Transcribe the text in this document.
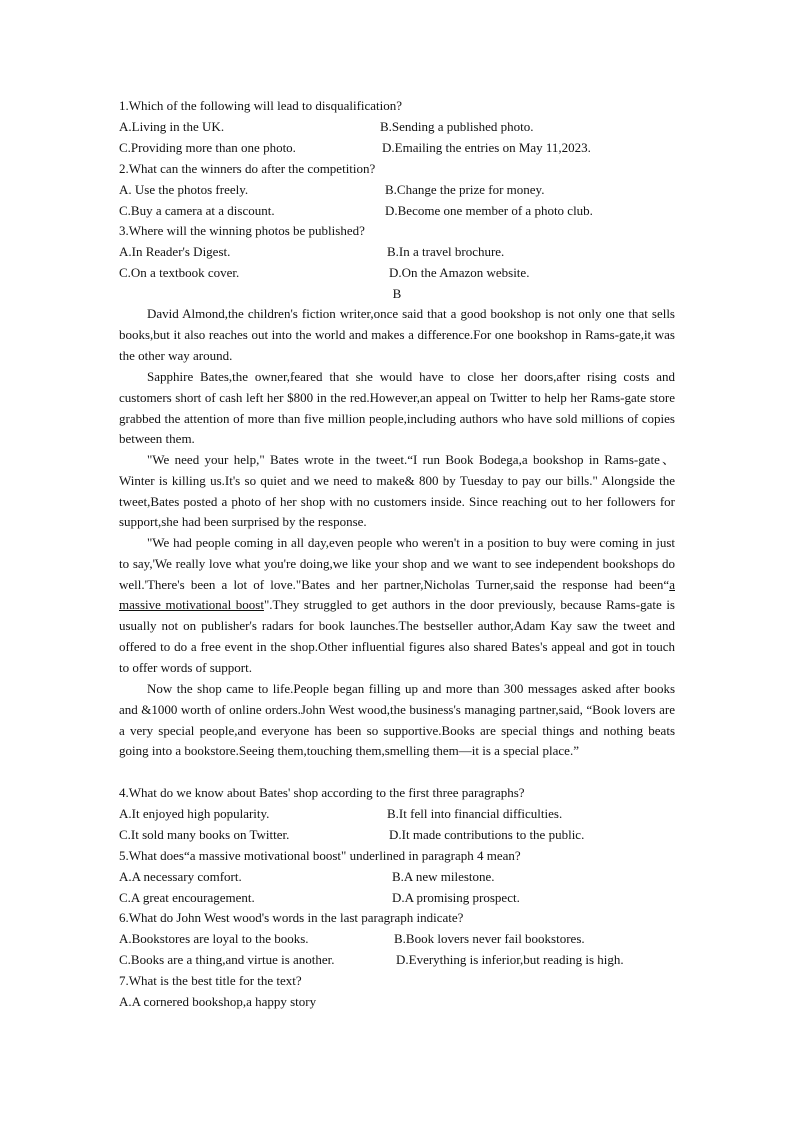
1.Which of the following will lead to disqualification?
A.Living in the UK.	B.Sending a published photo.
C.Providing more than one photo.	D.Emailing the entries on May 11,2023.
2.What can the winners do after the competition?
A. Use the photos freely.	B.Change the prize for money.
C.Buy a camera at a discount.	D.Become one member of a photo club.
3.Where will the winning photos be published?
A.In Reader's Digest.	B.In a travel brochure.
C.On a textbook cover.	D.On the Amazon website.
B
David Almond,the children's fiction writer,once said that a good bookshop is not only one that sells books,but it also reaches out into the world and makes a difference.For one bookshop in Rams-gate,it was the other way around.
Sapphire Bates,the owner,feared that she would have to close her doors,after rising costs and customers short of cash left her $800 in the red.However,an appeal on Twitter to help her Rams-gate store grabbed the attention of more than five million people,including authors who have sold millions of copies between them.
"We need your help," Bates wrote in the tweet.“I run Book Bodega,a bookshop in Rams-gate、Winter is killing us.It's so quiet and we need to make& 800 by Tuesday to pay our bills." Alongside the tweet,Bates posted a photo of her shop with no customers inside. Since reaching out to her followers for support,she had been surprised by the response.
"We had people coming in all day,even people who weren't in a position to buy were coming in just to say,'We really love what you're doing,we like your shop and we want to see independent bookshops do well.'There's been a lot of love."Bates and her partner,Nicholas Turner,said the response had been“a massive motivational boost".They struggled to get authors in the door previously, because Rams-gate is usually not on publisher's radars for book launches.The bestseller author,Adam Kay saw the tweet and offered to do a free event in the shop.Other influential figures also shared Bates's appeal and got in touch to offer words of support.
Now the shop came to life.People began filling up and more than 300 messages asked after books and &1000 worth of online orders.John West wood,the business's managing partner,said, “Book lovers are a very special people,and everyone has been so supportive.Books are special things and nothing beats going into a bookstore.Seeing them,touching them,smelling them—it is a special place.”
4.What do we know about Bates' shop according to the first three paragraphs?
A.It enjoyed high popularity.	B.It fell into financial difficulties.
C.It sold many books on Twitter.	D.It made contributions to the public.
5.What does“a massive motivational boost" underlined in paragraph 4 mean?
A.A necessary comfort.	B.A new milestone.
C.A great encouragement.	D.A promising prospect.
6.What do John West wood's words in the last paragraph indicate?
A.Bookstores are loyal to the books.	B.Book lovers never fail bookstores.
C.Books are a thing,and virtue is another.	D.Everything is inferior,but reading is high.
7.What is the best title for the text?
A.A cornered bookshop,a happy story
